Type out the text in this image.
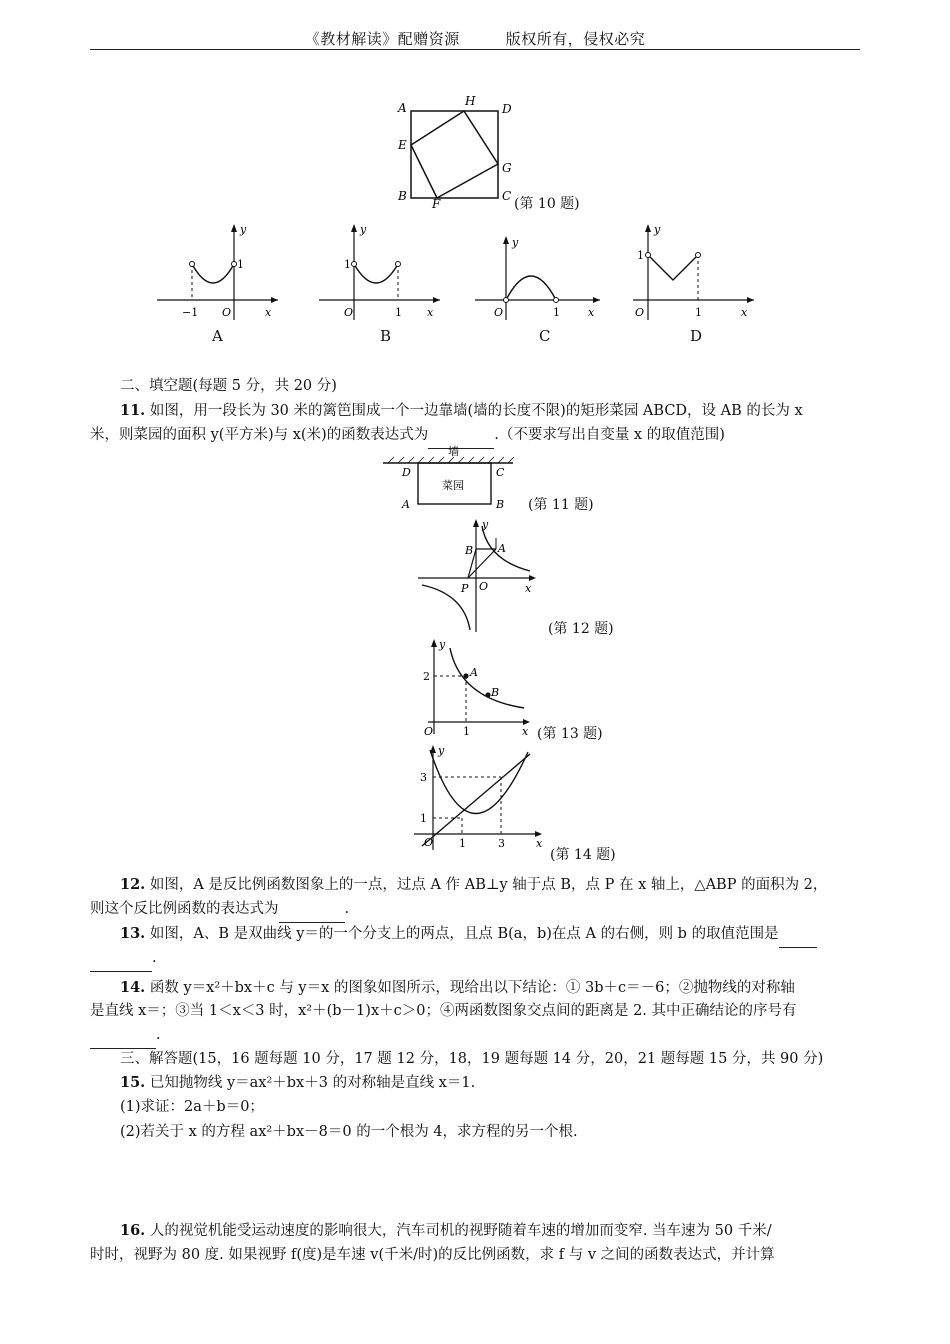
《教材解读》配赠资源	版权所有，侵权必究
A	H
D
E
G
B
F
C (第 10 题)
y
1
−1 O	x
A
y
1
O	1 x
B
y
O	1	x
C
y
1
O	1	x
D
二、填空题(每题 5 分，共 20 分)
11. 如图，用一段长为 30 米的篱笆围成一个一边靠墙(墙的长度不限)的矩形菜园 ABCD，设 AB 的长为 x
米，则菜园的面积 y(平方米)与 x(米)的函数表达式为	.（不要求写出自变量 x 的取值范围)
墙
菜园
D	C
A	B (第 11 题)
y
B A
P O	x
(第 12 题)
y
2	A
B
O	1	x (第 13 题)
y
3
1
O 1	3	x
(第 14 题)
12. 如图，A 是反比例函数图象上的一点，过点 A 作 AB⊥y 轴于点 B，点 P 在 x 轴上，△ABP 的面积为 2，
则这个反比例函数的表达式为	.
13. 如图，A、B 是双曲线 y＝的一个分支上的两点，且点 B(a，b)在点 A 的右侧，则 b 的取值范围是
.
14. 函数 y＝x²＋bx＋c 与 y＝x 的图象如图所示，现给出以下结论：① 3b＋c＝－6；②抛物线的对称轴
是直线 x＝；③当 1＜x＜3 时，x²＋(b－1)x＋c＞0；④两函数图象交点间的距离是 2. 其中正确结论的序号有
.
三、解答题(15，16 题每题 10 分，17 题 12 分，18，19 题每题 14 分，20，21 题每题 15 分，共 90 分)
15. 已知抛物线 y＝ax²＋bx＋3 的对称轴是直线 x＝1.
(1)求证：2a＋b＝0；
(2)若关于 x 的方程 ax²＋bx－8＝0 的一个根为 4，求方程的另一个根.
16. 人的视觉机能受运动速度的影响很大，汽车司机的视野随着车速的增加而变窄. 当车速为 50 千米/
时时，视野为 80 度. 如果视野 f(度)是车速 v(千米/时)的反比例函数，求 f 与 v 之间的函数表达式，并计算
